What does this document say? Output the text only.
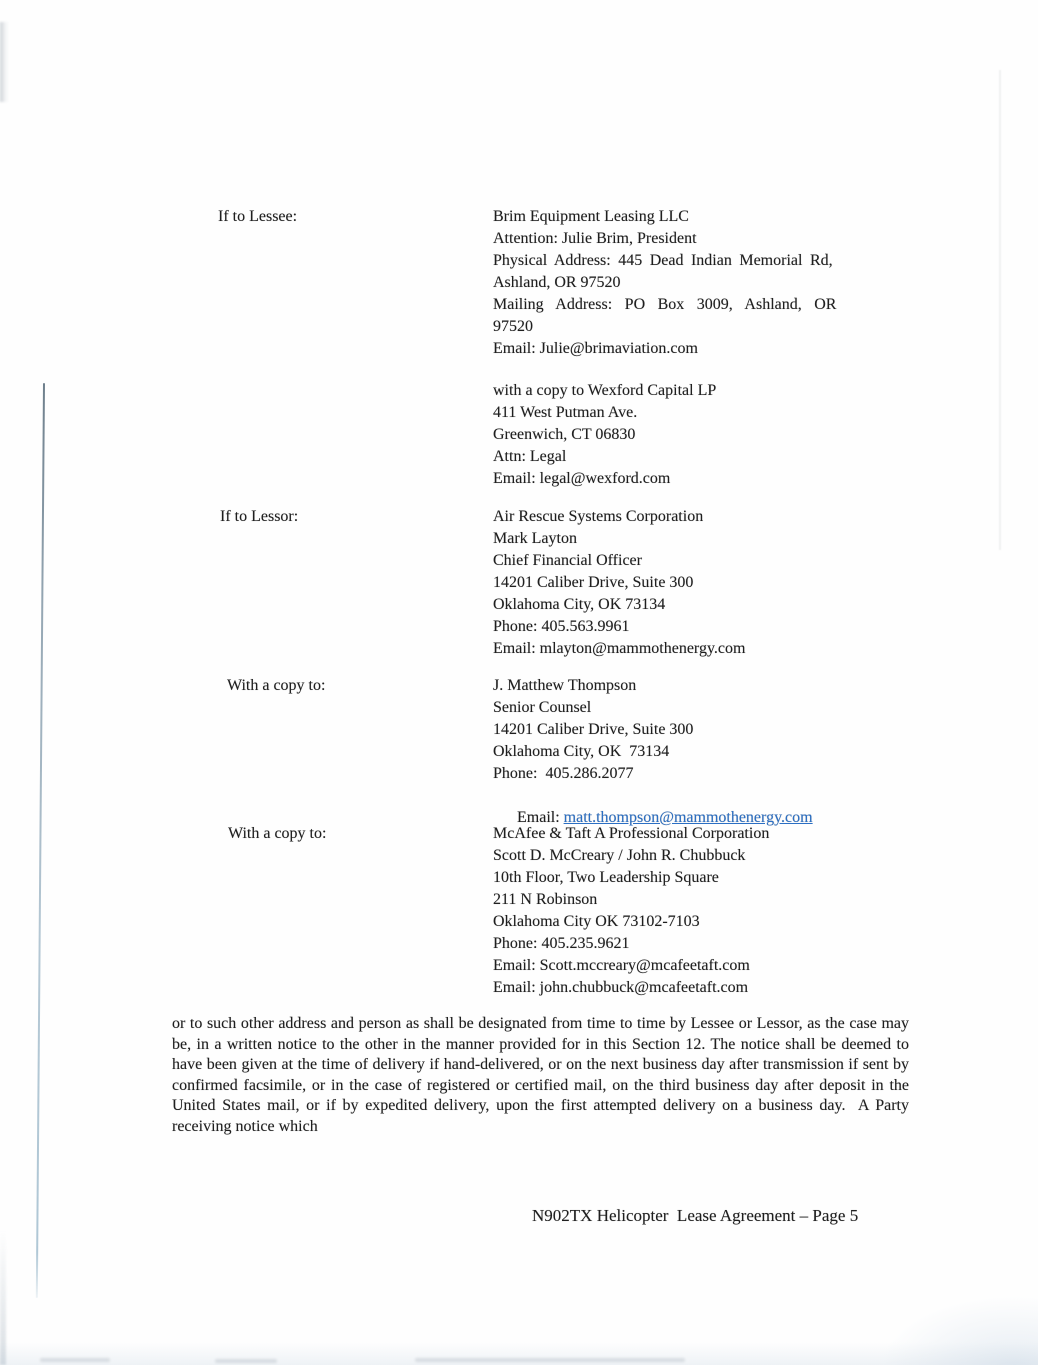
If to Lessee:	Brim Equipment Leasing LLC
Attention: Julie Brim, President
Physical Address: 445 Dead Indian Memorial Rd,
Ashland, OR 97520
Mailing Address: PO Box 3009, Ashland, OR
97520
Email: Julie@brimaviation.com
with a copy to Wexford Capital LP
411 West Putman Ave.
Greenwich, CT 06830
Attn: Legal
Email: legal@wexford.com
If to Lessor:	Air Rescue Systems Corporation
Mark Layton
Chief Financial Officer
14201 Caliber Drive, Suite 300
Oklahoma City, OK 73134
Phone: 405.563.9961
Email: mlayton@mammothenergy.com
With a copy to:	J. Matthew Thompson
Senior Counsel
14201 Caliber Drive, Suite 300
Oklahoma City, OK  73134
Phone:  405.286.2077

Email: matt.thompson@mammothenergy.com

With a copy to:	McAfee & Taft A Professional Corporation
Scott D. McCreary / John R. Chubbuck
10th Floor, Two Leadership Square
211 N Robinson
Oklahoma City OK 73102-7103
Phone: 405.235.9621
Email: Scott.mccreary@mcafeetaft.com
Email: john.chubbuck@mcafeetaft.com
or to such other address and person as shall be designated from time to time by Lessee or Lessor, as the case may be, in a written notice to the other in the manner provided for in this Section 12. The notice shall be deemed to have been given at the time of delivery if hand-delivered, or on the next business day after transmission if sent by confirmed facsimile, or in the case of registered or certified mail, on the third business day after deposit in the United States mail, or if by expedited delivery, upon the first attempted delivery on a business day.  A Party receiving notice which
N902TX Helicopter  Lease Agreement – Page 5
